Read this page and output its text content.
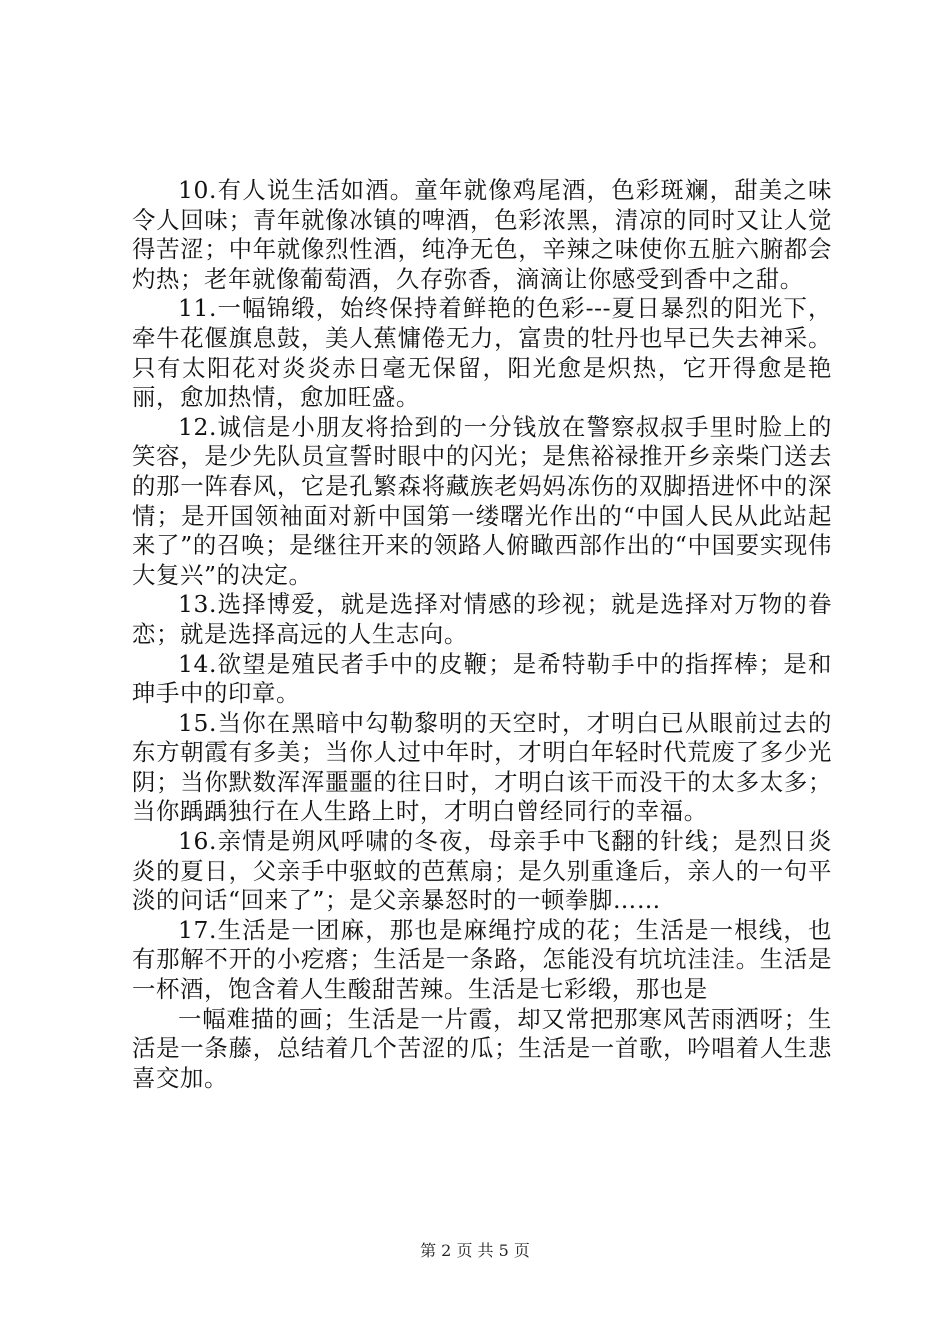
10.有人说生活如酒。童年就像鸡尾酒，色彩斑斓，甜美之味令人回味；青年就像冰镇的啤酒，色彩浓黑，清凉的同时又让人觉得苦涩；中年就像烈性酒，纯净无色，辛辣之味使你五脏六腑都会灼热；老年就像葡萄酒，久存弥香，滴滴让你感受到香中之甜。

11.一幅锦缎，始终保持着鲜艳的色彩---夏日暴烈的阳光下，牵牛花偃旗息鼓，美人蕉慵倦无力，富贵的牡丹也早已失去神采。只有太阳花对炎炎赤日毫无保留，阳光愈是炽热，它开得愈是艳丽，愈加热情，愈加旺盛。

12.诚信是小朋友将拾到的一分钱放在警察叔叔手里时脸上的笑容，是少先队员宣誓时眼中的闪光；是焦裕禄推开乡亲柴门送去的那一阵春风，它是孔繁森将藏族老妈妈冻伤的双脚捂进怀中的深情；是开国领袖面对新中国第一缕曙光作出的“中国人民从此站起来了”的召唤；是继往开来的领路人俯瞰西部作出的“中国要实现伟大复兴”的决定。

13.选择博爱，就是选择对情感的珍视；就是选择对万物的眷恋；就是选择高远的人生志向。

14.欲望是殖民者手中的皮鞭；是希特勒手中的指挥棒；是和珅手中的印章。

15.当你在黑暗中勾勒黎明的天空时，才明白已从眼前过去的东方朝霞有多美；当你人过中年时，才明白年轻时代荒废了多少光阴；当你默数浑浑噩噩的往日时，才明白该干而没干的太多太多；当你踽踽独行在人生路上时，才明白曾经同行的幸福。

16.亲情是朔风呼啸的冬夜，母亲手中飞翻的针线；是烈日炎炎的夏日，父亲手中驱蚊的芭蕉扇；是久别重逢后，亲人的一句平淡的问话“回来了”；是父亲暴怒时的一顿拳脚……

17.生活是一团麻，那也是麻绳拧成的花；生活是一根线，也有那解不开的小疙瘩；生活是一条路，怎能没有坑坑洼洼。生活是一杯酒，饱含着人生酸甜苦辣。生活是七彩缎，那也是

一幅难描的画；生活是一片霞，却又常把那寒风苦雨洒呀；生活是一条藤，总结着几个苦涩的瓜；生活是一首歌，吟唱着人生悲喜交加。

第 2 页 共 5 页
